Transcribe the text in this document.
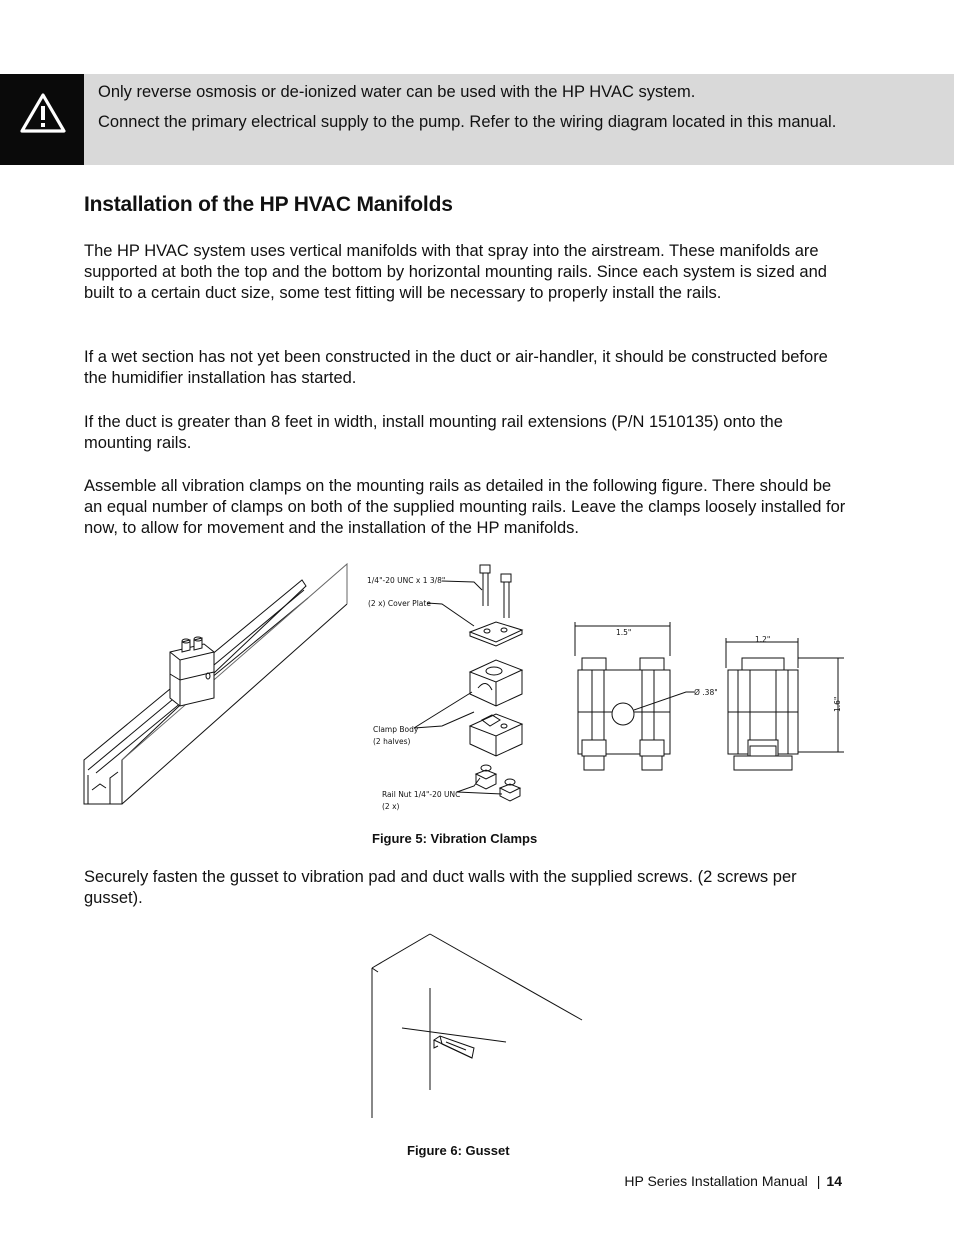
Only reverse osmosis or de-ionized water can be used with the HP HVAC system.

Connect the primary electrical supply to the pump. Refer to the wiring diagram located in this manual.

Installation of the HP HVAC Manifolds

The HP HVAC system uses vertical manifolds with that spray into the airstream. These manifolds are supported at both the top and the bottom by horizontal mounting rails. Since each system is sized and built to a certain duct size, some test fitting will be necessary to properly install the rails.

If a wet section has not yet been constructed in the duct or air-handler, it should be constructed before the humidifier installation has started.

If the duct is greater than 8 feet in width, install mounting rail extensions (P/N 1510135) onto the mounting rails.

Assemble all vibration clamps on the mounting rails as detailed in the following figure. There should be an equal number of clamps on both of the supplied mounting rails. Leave the clamps loosely installed for now, to allow for movement and the installation of the HP manifolds.

1/4"-20 UNC x 1 3/8"
(2 x) Cover Plate
Clamp Body
(2 halves)
Rail Nut 1/4"-20 UNC
(2 x)
1.5"
Ø .38"
1.2"
1.6"

Figure 5: Vibration Clamps

Securely fasten the gusset to vibration pad and duct walls with the supplied screws. (2 screws per gusset).

Figure 6: Gusset

HP Series Installation Manual | 14
